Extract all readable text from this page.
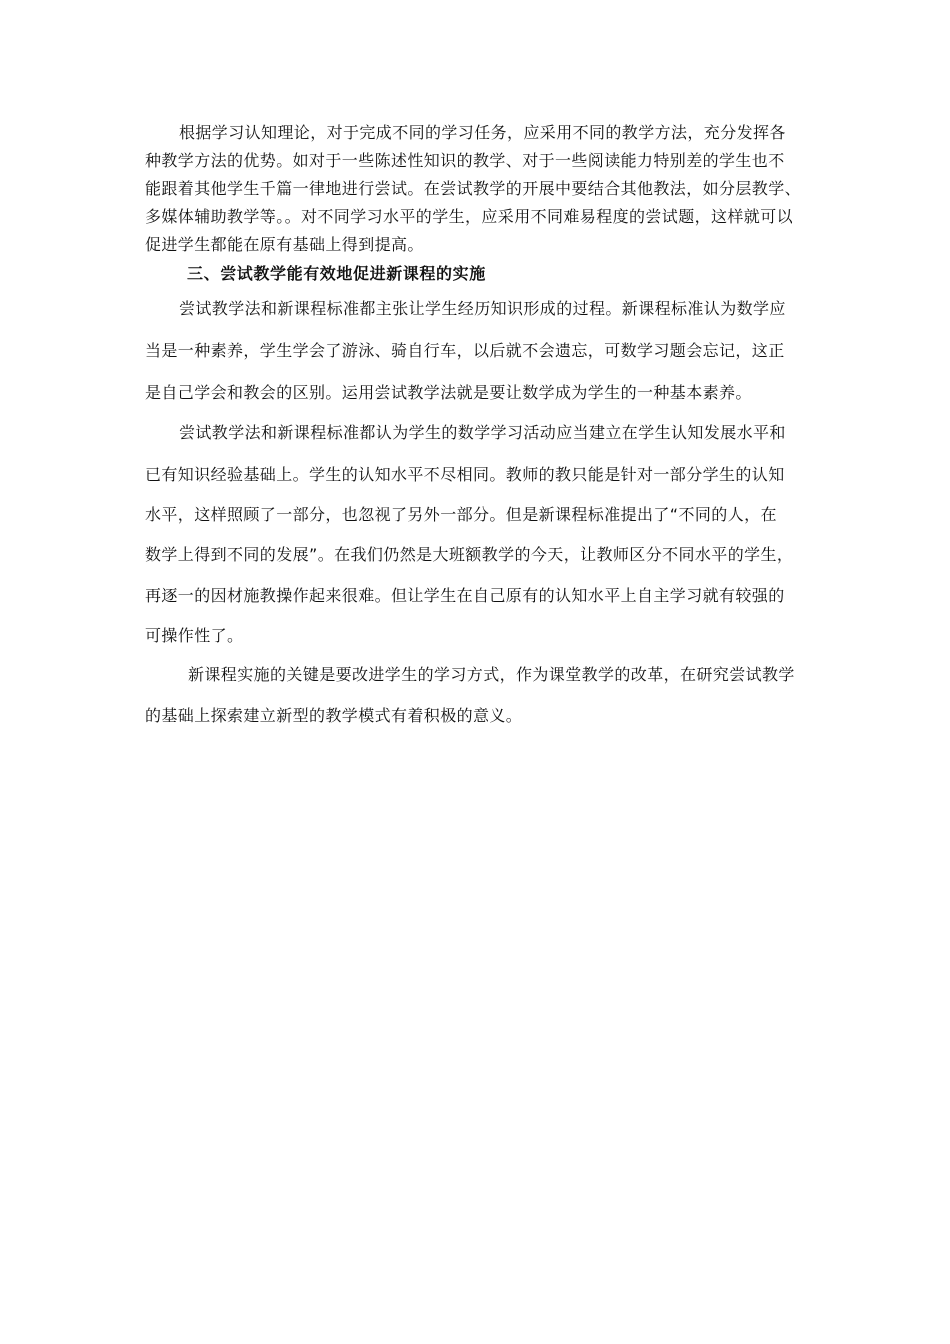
根据学习认知理论，对于完成不同的学习任务，应采用不同的教学方法，充分发挥各
种教学方法的优势。如对于一些陈述性知识的教学、对于一些阅读能力特别差的学生也不
能跟着其他学生千篇一律地进行尝试。在尝试教学的开展中要结合其他教法，如分层教学、
多媒体辅助教学等。。对不同学习水平的学生，应采用不同难易程度的尝试题，这样就可以
促进学生都能在原有基础上得到提高。
三、尝试教学能有效地促进新课程的实施
尝试教学法和新课程标准都主张让学生经历知识形成的过程。新课程标准认为数学应
当是一种素养，学生学会了游泳、骑自行车，以后就不会遗忘，可数学习题会忘记，这正
是自己学会和教会的区别。运用尝试教学法就是要让数学成为学生的一种基本素养。
尝试教学法和新课程标准都认为学生的数学学习活动应当建立在学生认知发展水平和
已有知识经验基础上。学生的认知水平不尽相同。教师的教只能是针对一部分学生的认知
水平，这样照顾了一部分，也忽视了另外一部分。但是新课程标准提出了“不同的人，在
数学上得到不同的发展”。在我们仍然是大班额教学的今天，让教师区分不同水平的学生，
再逐一的因材施教操作起来很难。但让学生在自己原有的认知水平上自主学习就有较强的
可操作性了。
新课程实施的关键是要改进学生的学习方式，作为课堂教学的改革，在研究尝试教学
的基础上探索建立新型的教学模式有着积极的意义。
